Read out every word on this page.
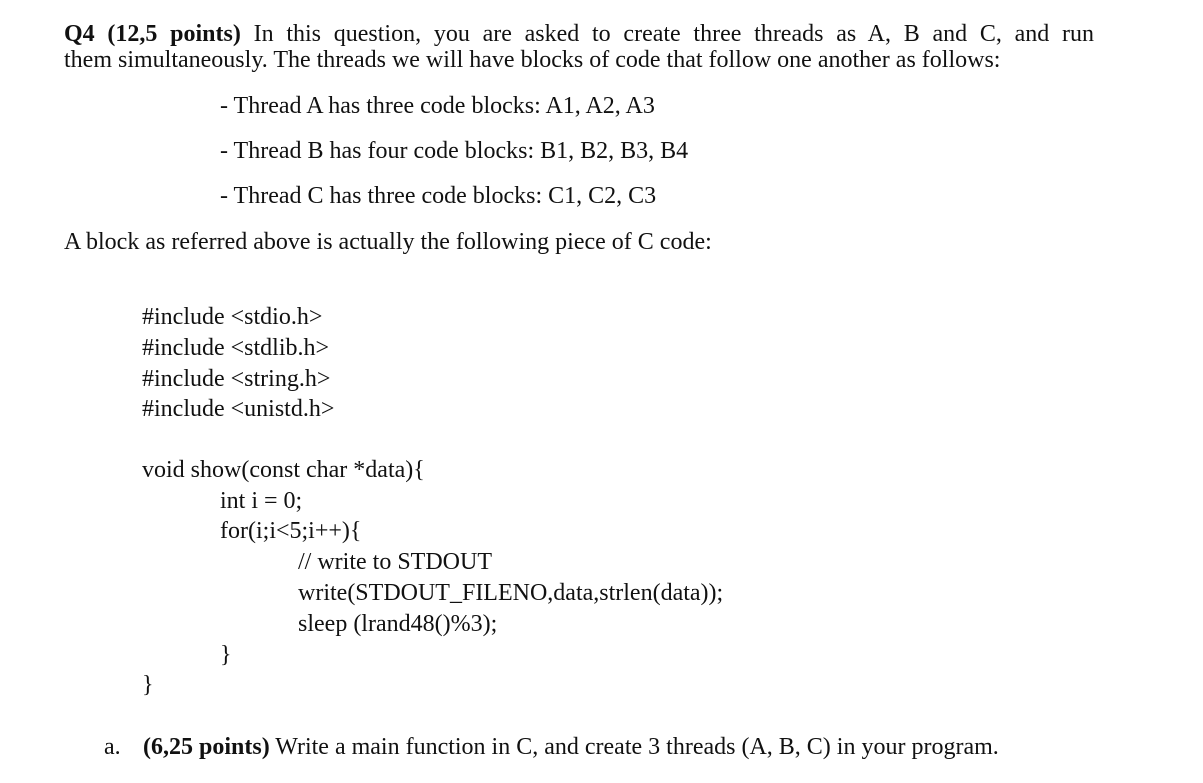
Q4 (12,5 points) In this question, you are asked to create three threads as A, B and C, and run
them simultaneously. The threads we will have blocks of code that follow one another as follows:
- Thread A has three code blocks: A1, A2, A3
- Thread B has four code blocks: B1, B2, B3, B4
- Thread C has three code blocks: C1, C2, C3
A block as referred above is actually the following piece of C code:
#include <stdio.h>
#include <stdlib.h>
#include <string.h>
#include <unistd.h>
void show(const char *data){
int i = 0;
for(i;i<5;i++){
// write to STDOUT
write(STDOUT_FILENO,data,strlen(data));
sleep (lrand48()%3);
}
}
a. (6,25 points) Write a main function in C, and create 3 threads (A, B, C) in your program.
